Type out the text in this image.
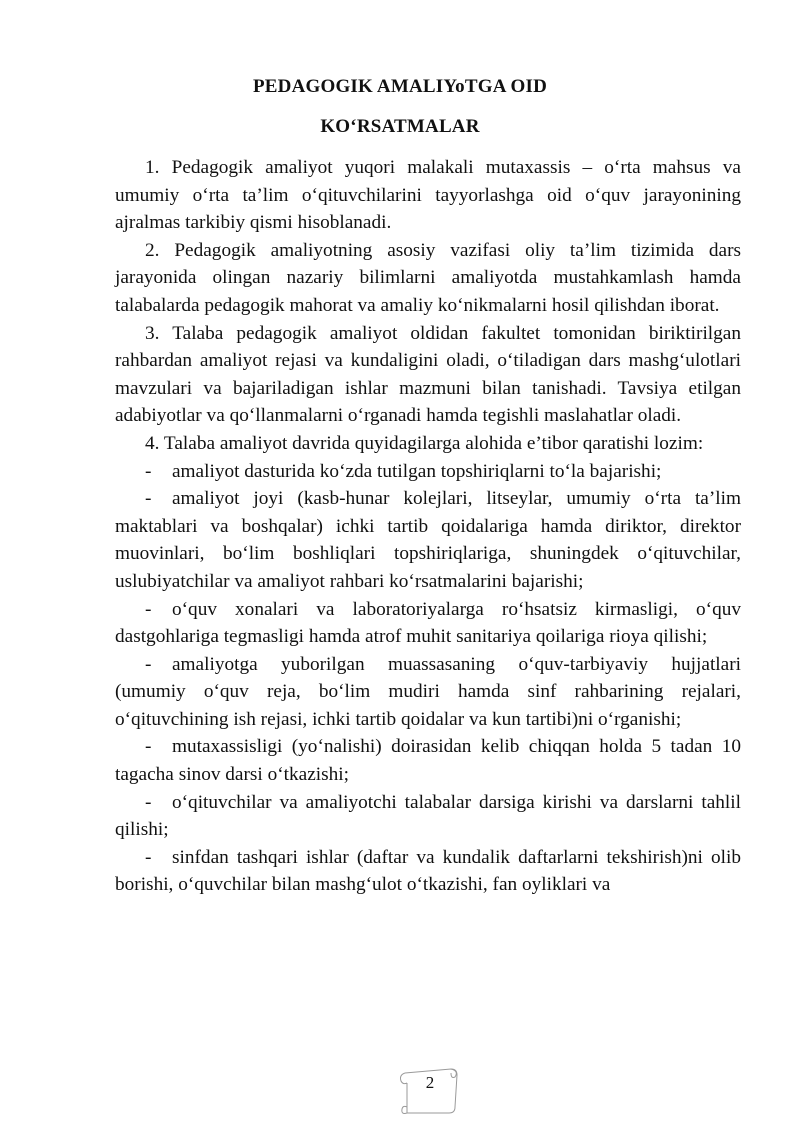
PEDAGOGIK AMALIYoTGA OID
KO‘RSATMALAR

1. Pedagogik amaliyot yuqori malakali mutaxassis – o‘rta mahsus va umumiy o‘rta ta’lim o‘qituvchilarini tayyorlashga oid o‘quv jarayonining ajralmas tarkibiy qismi hisoblanadi.

2. Pedagogik amaliyotning asosiy vazifasi oliy ta’lim tizimida dars jarayonida olingan nazariy bilimlarni amaliyotda mustahkamlash hamda talabalarda pedagogik mahorat va amaliy ko‘nikmalarni hosil qilishdan iborat.

3. Talaba pedagogik amaliyot oldidan fakultet tomonidan biriktirilgan rahbardan amaliyot rejasi va kundaligini oladi, o‘tiladigan dars mashg‘ulotlari mavzulari va bajariladigan ishlar mazmuni bilan tanishadi. Tavsiya etilgan adabiyotlar va qo‘llanmalarni o‘rganadi hamda tegishli maslahatlar oladi.

4. Talaba amaliyot davrida quyidagilarga alohida e’tibor qaratishi lozim:

- amaliyot dasturida ko‘zda tutilgan topshiriqlarni to‘la bajarishi;

- amaliyot joyi (kasb-hunar kolejlari, litseylar, umumiy o‘rta ta’lim maktablari va boshqalar) ichki tartib qoidalariga hamda diriktor, direktor muovinlari, bo‘lim boshliqlari topshiriqlariga, shuningdek o‘qituvchilar, uslubiyatchilar va amaliyot rahbari ko‘rsatmalarini bajarishi;

- o‘quv xonalari va laboratoriyalarga ro‘hsatsiz kirmasligi, o‘quv dastgohlariga tegmasligi hamda atrof muhit sanitariya qoilariga rioya qilishi;

- amaliyotga yuborilgan muassasaning o‘quv-tarbiyaviy hujjatlari (umumiy o‘quv reja, bo‘lim mudiri hamda sinf rahbarining rejalari, o‘qituvchining ish rejasi, ichki tartib qoidalar va kun tartibi)ni o‘rganishi;

- mutaxassisligi (yo‘nalishi) doirasidan kelib chiqqan holda 5 tadan 10 tagacha sinov darsi o‘tkazishi;

- o‘qituvchilar va amaliyotchi talabalar darsiga kirishi va darslarni tahlil qilishi;

- sinfdan tashqari ishlar (daftar va kundalik daftarlarni tekshirish)ni olib borishi, o‘quvchilar bilan mashg‘ulot o‘tkazishi, fan oyliklari va

2
